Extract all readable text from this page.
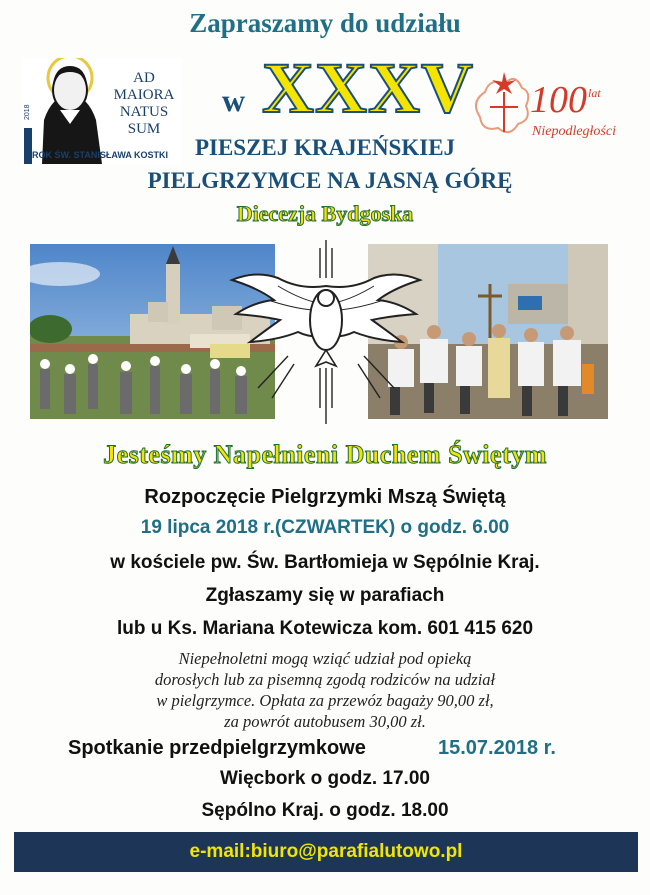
Zapraszamy do udziału
AD
MAIORA
NATUS
SUM
ROK ŚW. STANISŁAWA KOSTKI
2018	w XXXV
PIESZEJ KRAJEŃSKIEJ
PIELGRZYMCE NA JASNĄ GÓRĘ
Diecezja Bydgoska
100 lat
Niepodległości
Jesteśmy Napełnieni Duchem Świętym
Rozpoczęcie Pielgrzymki Mszą Świętą
19 lipca 2018 r.(CZWARTEK) o godz. 6.00
w kościele pw. Św. Bartłomieja w Sępólnie Kraj.
Zgłaszamy się w parafiach
lub u Ks. Mariana Kotewicza kom. 601 415 620
Niepełnoletni mogą wziąć udział pod opieką
dorosłych lub za pisemną zgodą rodziców na udział
w pielgrzymce. Opłata za przewóz bagaży 90,00 zł,
za powrót autobusem 30,00 zł.
Spotkanie przedpielgrzymkowe	15.07.2018 r.
Więcbork o godz. 17.00
Sępólno Kraj. o godz. 18.00
e-mail:biuro@parafialutowo.pl
